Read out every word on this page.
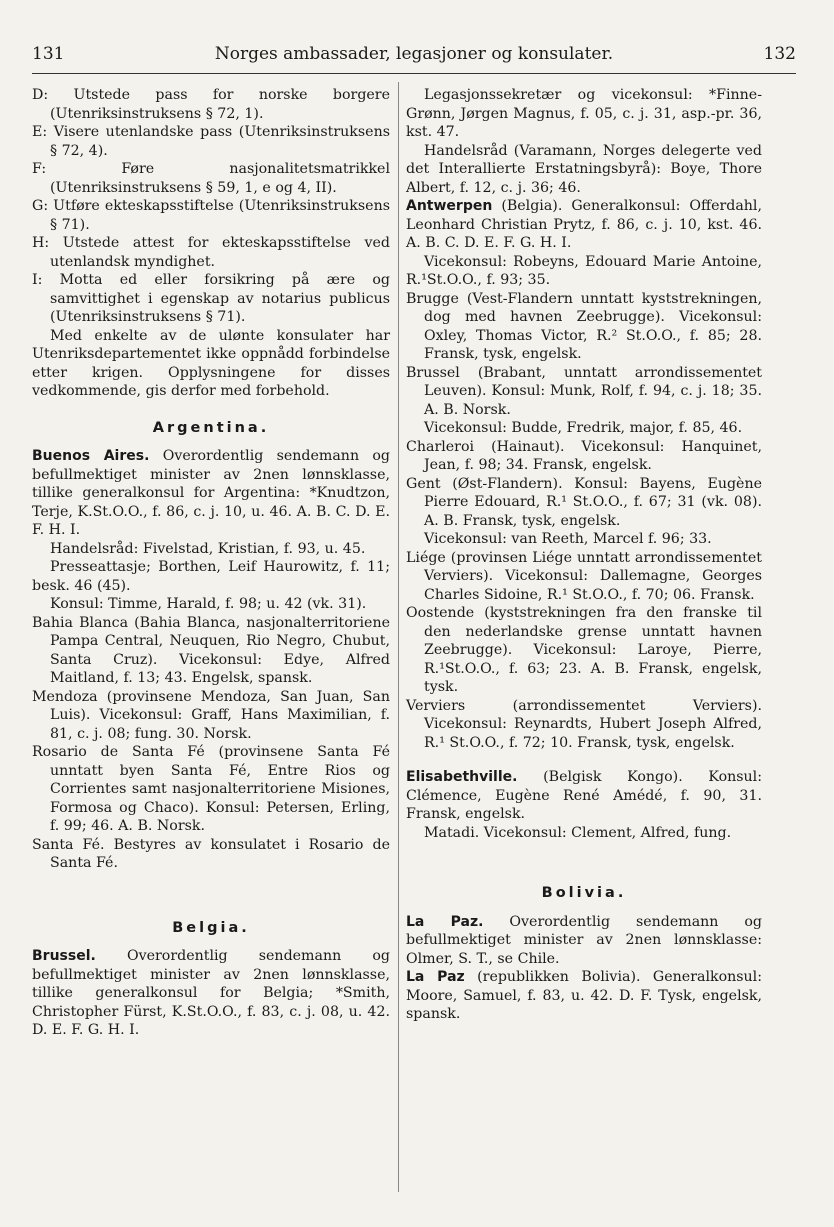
131	Norges ambassader, legasjoner og konsulater.	132

D: Utstede pass for norske borgere (Utenriksinstruksens § 72, 1).

E: Visere utenlandske pass (Utenriksinstruksens § 72, 4).

F: Føre nasjonalitetsmatrikkel (Utenriksinstruksens § 59, 1, e og 4, II).

G: Utføre ekteskapsstiftelse (Utenriksinstruksens § 71).

H: Utstede attest for ekteskapsstiftelse ved utenlandsk myndighet.

I: Motta ed eller forsikring på ære og samvittighet i egenskap av notarius publicus (Utenriksinstruksens § 71).

Med enkelte av de ulønte konsulater har Utenriksdepartementet ikke oppnådd forbindelse etter krigen. Opplysningene for disses vedkommende, gis derfor med forbehold.

Argentina.

Buenos Aires. Overordentlig sendemann og befullmektiget minister av 2nen lønnsklasse, tillike generalkonsul for Argentina: *Knudtzon, Terje, K.St.O.O., f. 86, c. j. 10, u. 46. A. B. C. D. E. F. H. I.

Handelsråd: Fivelstad, Kristian, f. 93, u. 45.

Presseattasje; Borthen, Leif Haurowitz, f. 11; besk. 46 (45).

Konsul: Timme, Harald, f. 98; u. 42 (vk. 31).

Bahia Blanca (Bahia Blanca, nasjonalterritoriene Pampa Central, Neuquen, Rio Negro, Chubut, Santa Cruz). Vicekonsul: Edye, Alfred Maitland, f. 13; 43. Engelsk, spansk.

Mendoza (provinsene Mendoza, San Juan, San Luis). Vicekonsul: Graff, Hans Maximilian, f. 81, c. j. 08; fung. 30. Norsk.

Rosario de Santa Fé (provinsene Santa Fé unntatt byen Santa Fé, Entre Rios og Corrientes samt nasjonalterritoriene Misiones, Formosa og Chaco). Konsul: Petersen, Erling, f. 99; 46. A. B. Norsk.

Santa Fé. Bestyres av konsulatet i Rosario de Santa Fé.

Belgia.

Brussel. Overordentlig sendemann og befullmektiget minister av 2nen lønnsklasse, tillike generalkonsul for Belgia; *Smith, Christopher Fürst, K.St.O.O., f. 83, c. j. 08, u. 42. D. E. F. G. H. I.

Legasjonssekretær og vicekonsul: *Finne-Grønn, Jørgen Magnus, f. 05, c. j. 31, asp.-pr. 36, kst. 47.

Handelsråd (Varamann, Norges delegerte ved det Interallierte Erstatningsbyrå): Boye, Thore Albert, f. 12, c. j. 36; 46.

Antwerpen (Belgia). Generalkonsul: Offerdahl, Leonhard Christian Prytz, f. 86, c. j. 10, kst. 46. A. B. C. D. E. F. G. H. I.

Vicekonsul: Robeyns, Edouard Marie Antoine, R.¹St.O.O., f. 93; 35.

Brugge (Vest-Flandern unntatt kyststrekningen, dog med havnen Zeebrugge). Vicekonsul: Oxley, Thomas Victor, R.² St.O.O., f. 85; 28. Fransk, tysk, engelsk.

Brussel (Brabant, unntatt arrondissementet Leuven). Konsul: Munk, Rolf, f. 94, c. j. 18; 35. A. B. Norsk.

Vicekonsul: Budde, Fredrik, major, f. 85, 46.

Charleroi (Hainaut). Vicekonsul: Hanquinet, Jean, f. 98; 34. Fransk, engelsk.

Gent (Øst-Flandern). Konsul: Bayens, Eugène Pierre Edouard, R.¹ St.O.O., f. 67; 31 (vk. 08). A. B. Fransk, tysk, engelsk.

Vicekonsul: van Reeth, Marcel f. 96; 33.

Liége (provinsen Liége unntatt arrondissementet Verviers). Vicekonsul: Dallemagne, Georges Charles Sidoine, R.¹ St.O.O., f. 70; 06. Fransk.

Oostende (kyststrekningen fra den franske til den nederlandske grense unntatt havnen Zeebrugge). Vicekonsul: Laroye, Pierre, R.¹St.O.O., f. 63; 23. A. B. Fransk, engelsk, tysk.

Verviers (arrondissementet Verviers). Vicekonsul: Reynardts, Hubert Joseph Alfred, R.¹ St.O.O., f. 72; 10. Fransk, tysk, engelsk.

Elisabethville. (Belgisk Kongo). Konsul: Clémence, Eugène René Amédé, f. 90, 31. Fransk, engelsk.

Matadi. Vicekonsul: Clement, Alfred, fung.

Bolivia.

La Paz. Overordentlig sendemann og befullmektiget minister av 2nen lønnsklasse: Olmer, S. T., se Chile.

La Paz (republikken Bolivia). Generalkonsul: Moore, Samuel, f. 83, u. 42. D. F. Tysk, engelsk, spansk.
